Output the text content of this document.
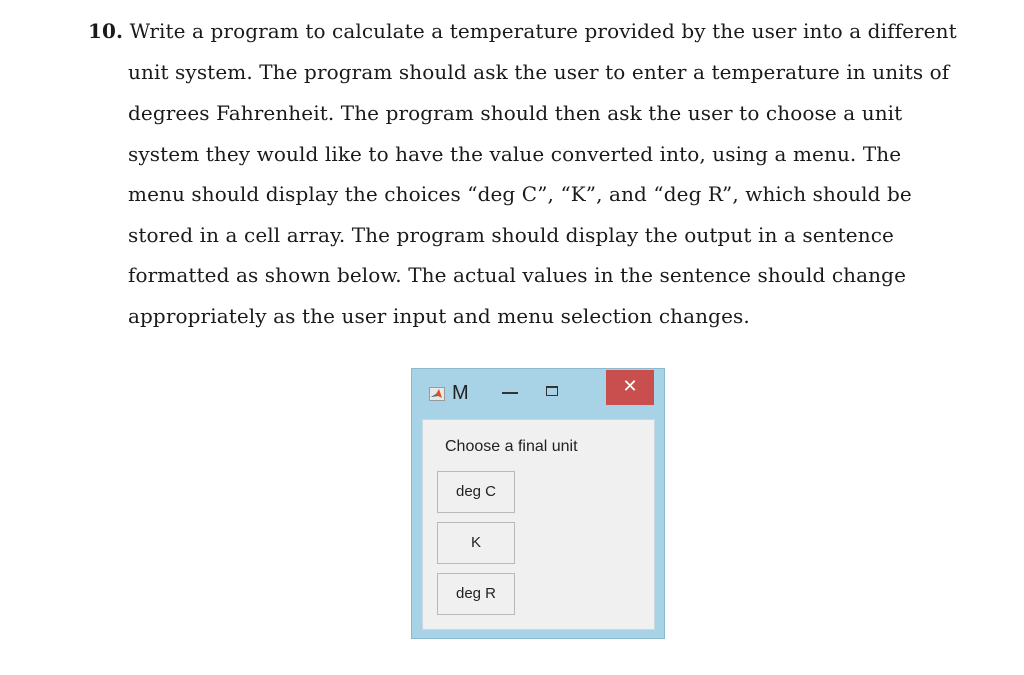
10. Write a program to calculate a temperature provided by the user into a different
unit system. The program should ask the user to enter a temperature in units of
degrees Fahrenheit. The program should then ask the user to choose a unit
system they would like to have the value converted into, using a menu. The
menu should display the choices “deg C”, “K”, and “deg R”, which should be
stored in a cell array. The program should display the output in a sentence
formatted as shown below. The actual values in the sentence should change
appropriately as the user input and menu selection changes.
M	✕
Choose a final unit
deg C
K
deg R
